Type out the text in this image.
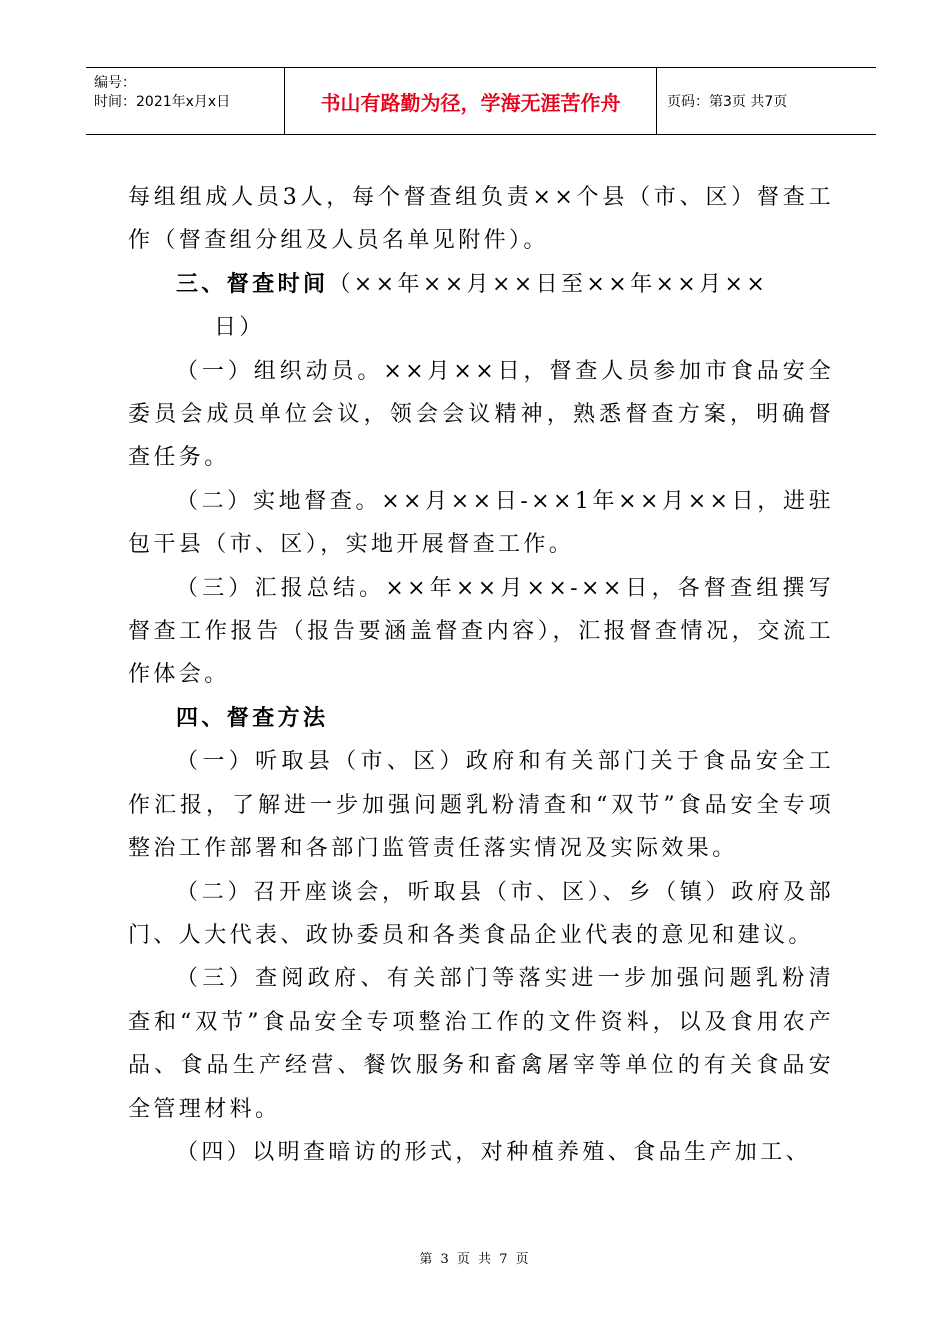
编号：
时间：2021年x月x日	书山有路勤为径，学海无涯苦作舟	页码：第3页 共7页

每组组成人员3人，每个督查组负责××个县（市、区）督查工作（督查组分组及人员名单见附件）。

三、督查时间（××年××月××日至××年××月××
日）

（一）组织动员。××月××日，督查人员参加市食品安全委员会成员单位会议，领会会议精神，熟悉督查方案，明确督查任务。

（二）实地督查。××月××日-××1年××月××日，进驻包干县（市、区），实地开展督查工作。

（三）汇报总结。××年××月××-××日，各督查组撰写督查工作报告（报告要涵盖督查内容），汇报督查情况，交流工作体会。

四、督查方法

（一）听取县（市、区）政府和有关部门关于食品安全工作汇报，了解进一步加强问题乳粉清查和“双节”食品安全专项整治工作部署和各部门监管责任落实情况及实际效果。

（二）召开座谈会，听取县（市、区）、乡（镇）政府及部门、人大代表、政协委员和各类食品企业代表的意见和建议。

（三）查阅政府、有关部门等落实进一步加强问题乳粉清查和“双节”食品安全专项整治工作的文件资料，以及食用农产品、食品生产经营、餐饮服务和畜禽屠宰等单位的有关食品安全管理材料。

（四）以明查暗访的形式，对种植养殖、食品生产加工、

第 3 页 共 7 页
